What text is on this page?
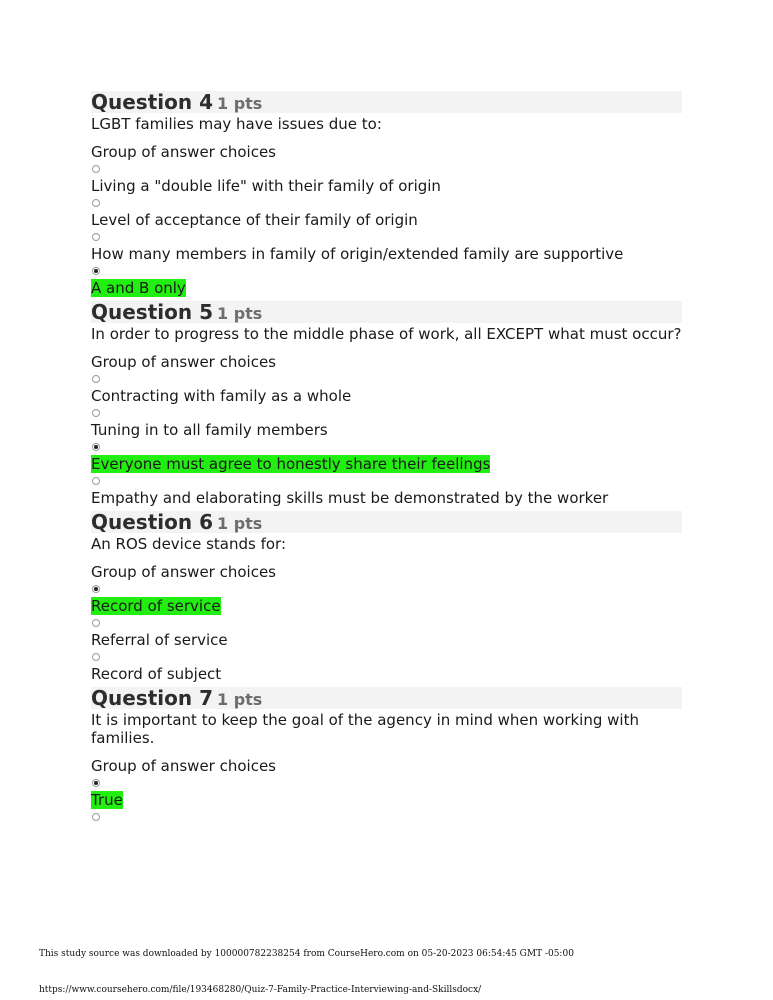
Question 4 1 pts
LGBT families may have issues due to:
Group of answer choices
Living a "double life" with their family of origin
Level of acceptance of their family of origin
How many members in family of origin/extended family are supportive
A and B only
Question 5 1 pts
In order to progress to the middle phase of work, all EXCEPT what must occur?
Group of answer choices
Contracting with family as a whole
Tuning in to all family members
Everyone must agree to honestly share their feelings
Empathy and elaborating skills must be demonstrated by the worker
Question 6 1 pts
An ROS device stands for:
Group of answer choices
Record of service
Referral of service
Record of subject
Question 7 1 pts
It is important to keep the goal of the agency in mind when working with families.
Group of answer choices
True
This study source was downloaded by 100000782238254 from CourseHero.com on 05-20-2023 06:54:45 GMT -05:00
https://www.coursehero.com/file/193468280/Quiz-7-Family-Practice-Interviewing-and-Skillsdocx/
